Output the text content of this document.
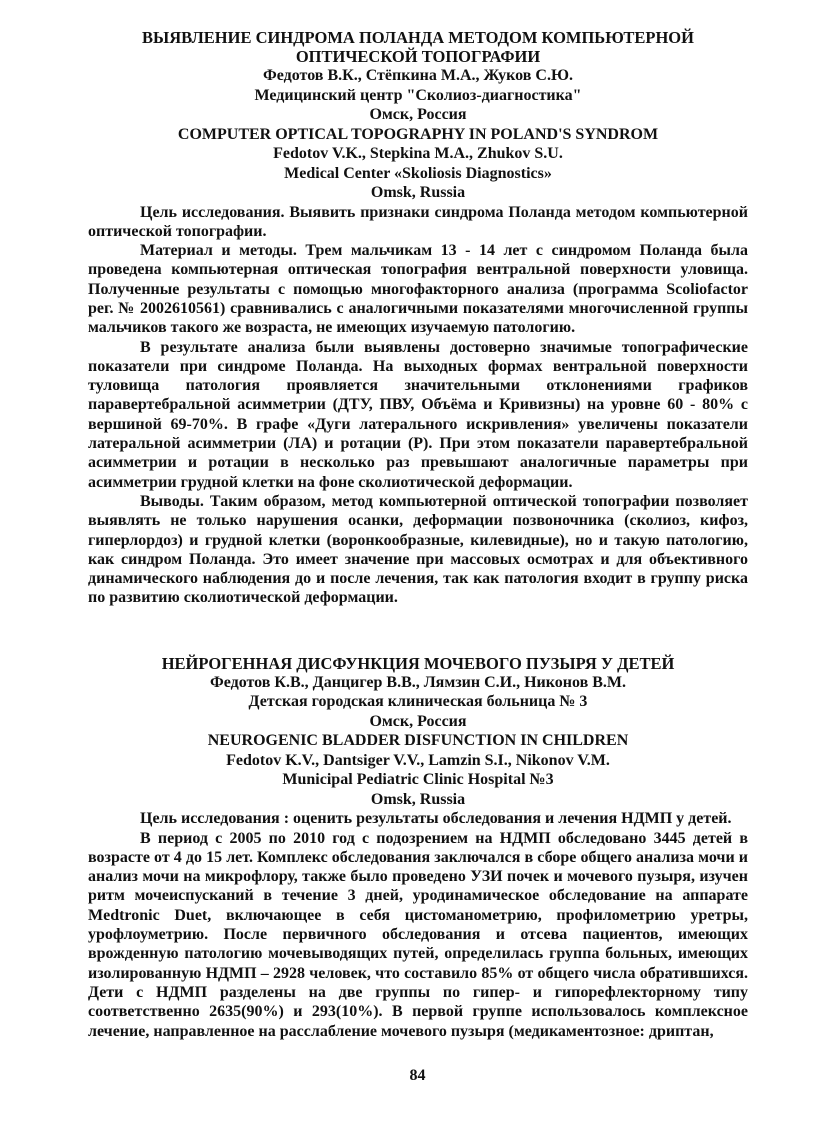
ВЫЯВЛЕНИЕ СИНДРОМА ПОЛАНДА МЕТОДОМ КОМПЬЮТЕРНОЙ ОПТИЧЕСКОЙ ТОПОГРАФИИ

Федотов В.К., Стёпкина М.А., Жуков С.Ю.

Медицинский центр "Сколиоз-диагностика"

Омск, Россия

COMPUTER OPTICAL TOPOGRAPHY IN POLAND'S SYNDROM

Fedotov V.K., Stepkina M.A., Zhukov S.U.

Medical Center «Skoliosis Diagnostics»

Omsk, Russia

Цель исследования. Выявить признаки синдрома Поланда методом компьютерной оптической топографии.

Материал и методы. Трем мальчикам 13 - 14 лет с синдромом Поланда была проведена компьютерная оптическая топография вентральной поверхности уловища. Полученные результаты с помощью многофакторного анализа (программа Scoliofactor рег. № 2002610561) сравнивались с аналогичными показателями многочисленной группы мальчиков такого же возраста, не имеющих изучаемую патологию.

В результате анализа были выявлены достоверно значимые топографические показатели при синдроме Поланда. На выходных формах вентральной поверхности туловища патология проявляется значительными отклонениями графиков паравертебральной асимметрии (ДТУ, ПВУ, Объёма и Кривизны) на уровне 60 - 80% с вершиной 69-70%. В графе «Дуги латерального искривления» увеличены показатели латеральной асимметрии (ЛА) и ротации (Р). При этом показатели паравертебральной асимметрии и ротации в несколько раз превышают аналогичные параметры при асимметрии грудной клетки на фоне сколиотической деформации.

Выводы. Таким образом, метод компьютерной оптической топографии позволяет выявлять не только нарушения осанки, деформации позвоночника (сколиоз, кифоз, гиперлордоз) и грудной клетки (воронкообразные, килевидные), но и такую патологию, как синдром Поланда. Это имеет значение при массовых осмотрах и для объективного динамического наблюдения до и после лечения, так как патология входит в группу риска по развитию сколиотической деформации.

НЕЙРОГЕННАЯ ДИСФУНКЦИЯ МОЧЕВОГО ПУЗЫРЯ У ДЕТЕЙ

Федотов К.В., Данцигер В.В., Лямзин С.И., Никонов В.М.

Детская городская клиническая больница № 3

Омск, Россия

NEUROGENIC BLADDER DISFUNCTION IN CHILDREN

Fedotov K.V., Dantsiger V.V., Lamzin S.I., Nikonov V.M.

Municipal Pediatric Clinic Hospital №3

Omsk, Russia

Цель исследования : оценить результаты обследования и лечения НДМП у детей.

В период с 2005 по 2010 год с подозрением на НДМП обследовано 3445 детей в возрасте от 4 до 15 лет. Комплекс обследования заключался в сборе общего анализа мочи и анализ мочи на микрофлору, также было проведено УЗИ почек и мочевого пузыря, изучен ритм мочеиспусканий в течение 3 дней, уродинамическое обследование на аппарате Medtronic Duet, включающее в себя цистоманометрию, профилометрию уретры, урофлоуметрию. После первичного обследования и отсева пациентов, имеющих врожденную патологию мочевыводящих путей, определилась группа больных, имеющих изолированную НДМП – 2928 человек, что составило 85% от общего числа обратившихся. Дети с НДМП разделены на две группы по гипер- и гипорефлекторному типу соответственно 2635(90%) и 293(10%). В первой группе использовалось комплексное лечение, направленное на расслабление мочевого пузыря (медикаментозное: дриптан,

84
